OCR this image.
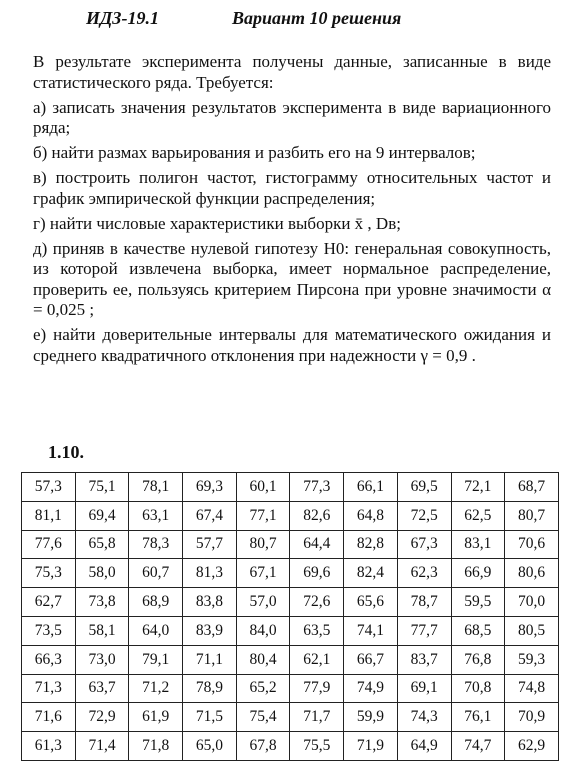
ИДЗ-19.1	Вариант 10 решения

В результате эксперимента получены данные, записанные в виде статистического ряда. Требуется:

а) записать значения результатов эксперимента в виде вариационного ряда;

б) найти размах варьирования и разбить его на 9 интервалов;

в) построить полигон частот, гистограмму относительных частот и график эмпирической функции распределения;

г) найти числовые характеристики выборки x̄ , Dв;

д) приняв в качестве нулевой гипотезу H0: генеральная совокупность, из которой извлечена выборка, имеет нормальное распределение, проверить ее, пользуясь критерием Пирсона при уровне значимости α = 0,025 ;

е) найти доверительные интервалы для математического ожидания и среднего квадратичного отклонения при надежности γ = 0,9 .

1.10.
57,3	75,1	78,1	69,3	60,1	77,3	66,1	69,5	72,1	68,7
81,1	69,4	63,1	67,4	77,1	82,6	64,8	72,5	62,5	80,7
77,6	65,8	78,3	57,7	80,7	64,4	82,8	67,3	83,1	70,6
75,3	58,0	60,7	81,3	67,1	69,6	82,4	62,3	66,9	80,6
62,7	73,8	68,9	83,8	57,0	72,6	65,6	78,7	59,5	70,0
73,5	58,1	64,0	83,9	84,0	63,5	74,1	77,7	68,5	80,5
66,3	73,0	79,1	71,1	80,4	62,1	66,7	83,7	76,8	59,3
71,3	63,7	71,2	78,9	65,2	77,9	74,9	69,1	70,8	74,8
71,6	72,9	61,9	71,5	75,4	71,7	59,9	74,3	76,1	70,9
61,3	71,4	71,8	65,0	67,8	75,5	71,9	64,9	74,7	62,9
